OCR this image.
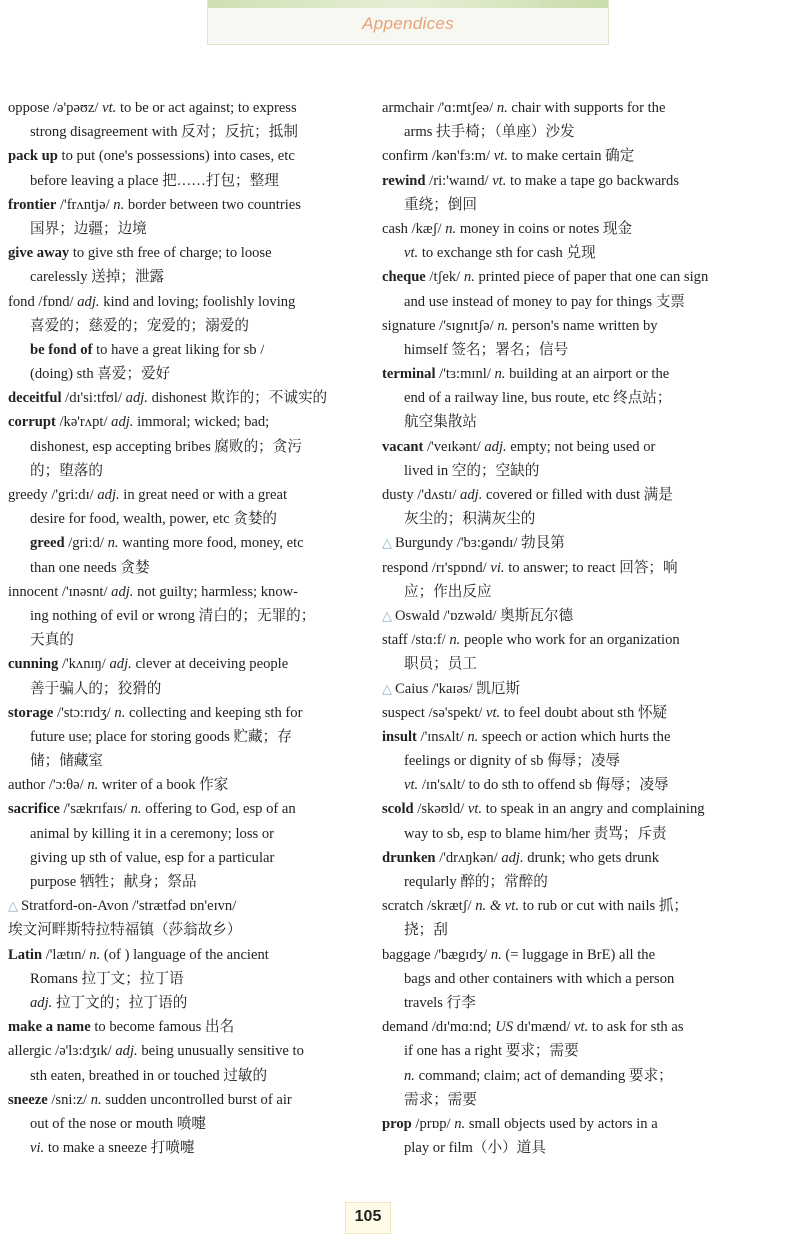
Appendices
oppose /ə'pəʊz/ vt. to be or act against; to express
strong disagreement with 反对；反抗；抵制
pack up to put (one's possessions) into cases, etc
before leaving a place 把……打包；整理
frontier /'frʌntjə/ n. border between two countries
国界；边疆；边境
give away to give sth free of charge; to loose
carelessly 送掉；泄露
fond /fɒnd/ adj. kind and loving; foolishly loving
喜爱的；慈爱的；宠爱的；溺爱的
be fond of to have a great liking for sb /
(doing) sth 喜爱；爱好
deceitful /dɪ'si:tfʊl/ adj. dishonest 欺诈的；不诚实的
corrupt /kə'rʌpt/ adj. immoral; wicked; bad;
dishonest, esp accepting bribes 腐败的；贪污
的；堕落的
greedy /'gri:dɪ/ adj. in great need or with a great
desire for food, wealth, power, etc 贪婪的
greed /gri:d/ n. wanting more food, money, etc
than one needs 贪婪
innocent /'ɪnəsnt/ adj. not guilty; harmless; know-
ing nothing of evil or wrong 清白的；无罪的；
天真的
cunning /'kʌnɪŋ/ adj. clever at deceiving people
善于骗人的；狡猾的
storage /'stɔ:rɪdʒ/ n. collecting and keeping sth for
future use; place for storing goods 贮藏；存
储；储藏室
author /'ɔ:θə/ n. writer of a book 作家
sacrifice /'sækrɪfaɪs/ n. offering to God, esp of an
animal by killing it in a ceremony; loss or
giving up sth of value, esp for a particular
purpose 牺牲；献身；祭品
△ Stratford-on-Avon /'strætfəd ɒn'eɪvn/
埃文河畔斯特拉特福镇（莎翁故乡）
Latin /'lætɪn/ n. (of ) language of the ancient
Romans 拉丁文；拉丁语
adj. 拉丁文的；拉丁语的
make a name to become famous 出名
allergic /ə'lɜ:dʒɪk/ adj. being unusually sensitive to
sth eaten, breathed in or touched 过敏的
sneeze /sni:z/ n. sudden uncontrolled burst of air
out of the nose or mouth 喷嚏
vi. to make a sneeze 打喷嚏
armchair /'ɑ:mtʃeə/ n. chair with supports for the
arms 扶手椅；（单座）沙发
confirm /kən'fɜ:m/ vt. to make certain 确定
rewind /ri:'waɪnd/ vt. to make a tape go backwards
重绕；倒回
cash /kæʃ/ n. money in coins or notes 现金
vt. to exchange sth for cash 兑现
cheque /tʃek/ n. printed piece of paper that one can sign
and use instead of money to pay for things 支票
signature /'sɪgnɪtʃə/ n. person's name written by
himself 签名；署名；信号
terminal /'tɜ:mɪnl/ n. building at an airport or the
end of a railway line, bus route, etc 终点站；
航空集散站
vacant /'veɪkənt/ adj. empty; not being used or
lived in 空的；空缺的
dusty /'dʌstɪ/ adj. covered or filled with dust 满是
灰尘的；积满灰尘的
△ Burgundy /'bɜ:gəndɪ/ 勃艮第
respond /rɪ'spɒnd/ vi. to answer; to react 回答；响
应；作出反应
△ Oswald /'ɒzwəld/ 奥斯瓦尔德
staff /stɑ:f/ n. people who work for an organization
职员；员工
△ Caius /'kaɪəs/ 凯厄斯
suspect /sə'spekt/ vt. to feel doubt about sth 怀疑
insult /'ɪnsʌlt/ n. speech or action which hurts the
feelings or dignity of sb 侮辱；凌辱
vt. /ɪn'sʌlt/ to do sth to offend sb 侮辱；凌辱
scold /skəʊld/ vt. to speak in an angry and complaining
way to sb, esp to blame him/her 责骂；斥责
drunken /'drʌŋkən/ adj. drunk; who gets drunk
reqularly 醉的；常醉的
scratch /skrætʃ/ n. & vt. to rub or cut with nails 抓；
挠；刮
baggage /'bægɪdʒ/ n. (= luggage in BrE) all the
bags and other containers with which a person
travels 行李
demand /dɪ'mɑ:nd; US dɪ'mænd/ vt. to ask for sth as
if one has a right 要求；需要
n. command; claim; act of demanding 要求；
需求；需要
prop /prɒp/ n. small objects used by actors in a
play or film（小）道具
105
